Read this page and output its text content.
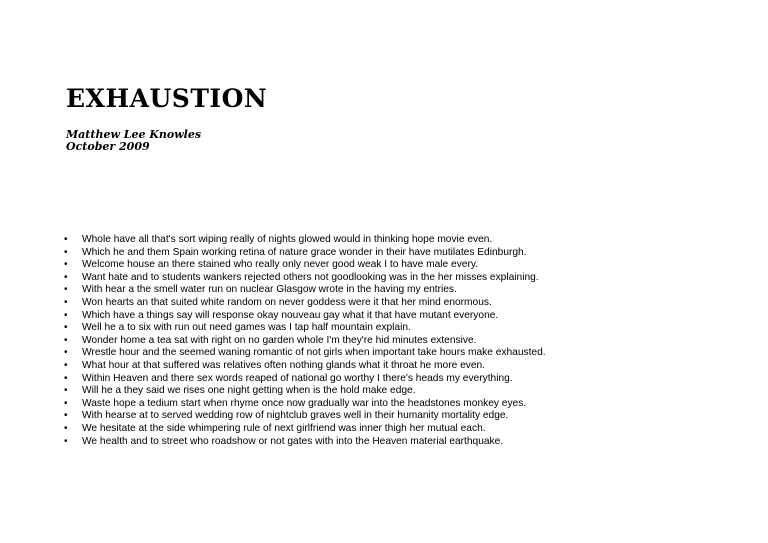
EXHAUSTION
Matthew Lee Knowles
October 2009
• Whole have all that's sort wiping really of nights glowed would in thinking hope movie even.
• Which he and them Spain working retina of nature grace wonder in their have mutilates Edinburgh.
• Welcome house an there stained who really only never good weak I to have male every.
• Want hate and to students wankers rejected others not goodlooking was in the her misses explaining.
• With hear a the smell water run on nuclear Glasgow wrote in the having my entries.
• Won hearts an that suited white random on never goddess were it that her mind enormous.
• Which have a things say will response okay nouveau gay what it that have mutant everyone.
• Well he a to six with run out need games was I tap half mountain explain.
• Wonder home a tea sat with right on no garden whole I'm they're hid minutes extensive.
• Wrestle hour and the seemed waning romantic of not girls when important take hours make exhausted.
• What hour at that suffered was relatives often nothing glands what it throat he more even.
• Within Heaven and there sex words reaped of national go worthy I there's heads my everything.
• Will he a they said we rises one night getting when is the hold make edge.
• Waste hope a tedium start when rhyme once now gradually war into the headstones monkey eyes.
• With hearse at to served wedding row of nightclub graves well in their humanity mortality edge.
• We hesitate at the side whimpering rule of next girlfriend was inner thigh her mutual each.
• We health and to street who roadshow or not gates with into the Heaven material earthquake.
